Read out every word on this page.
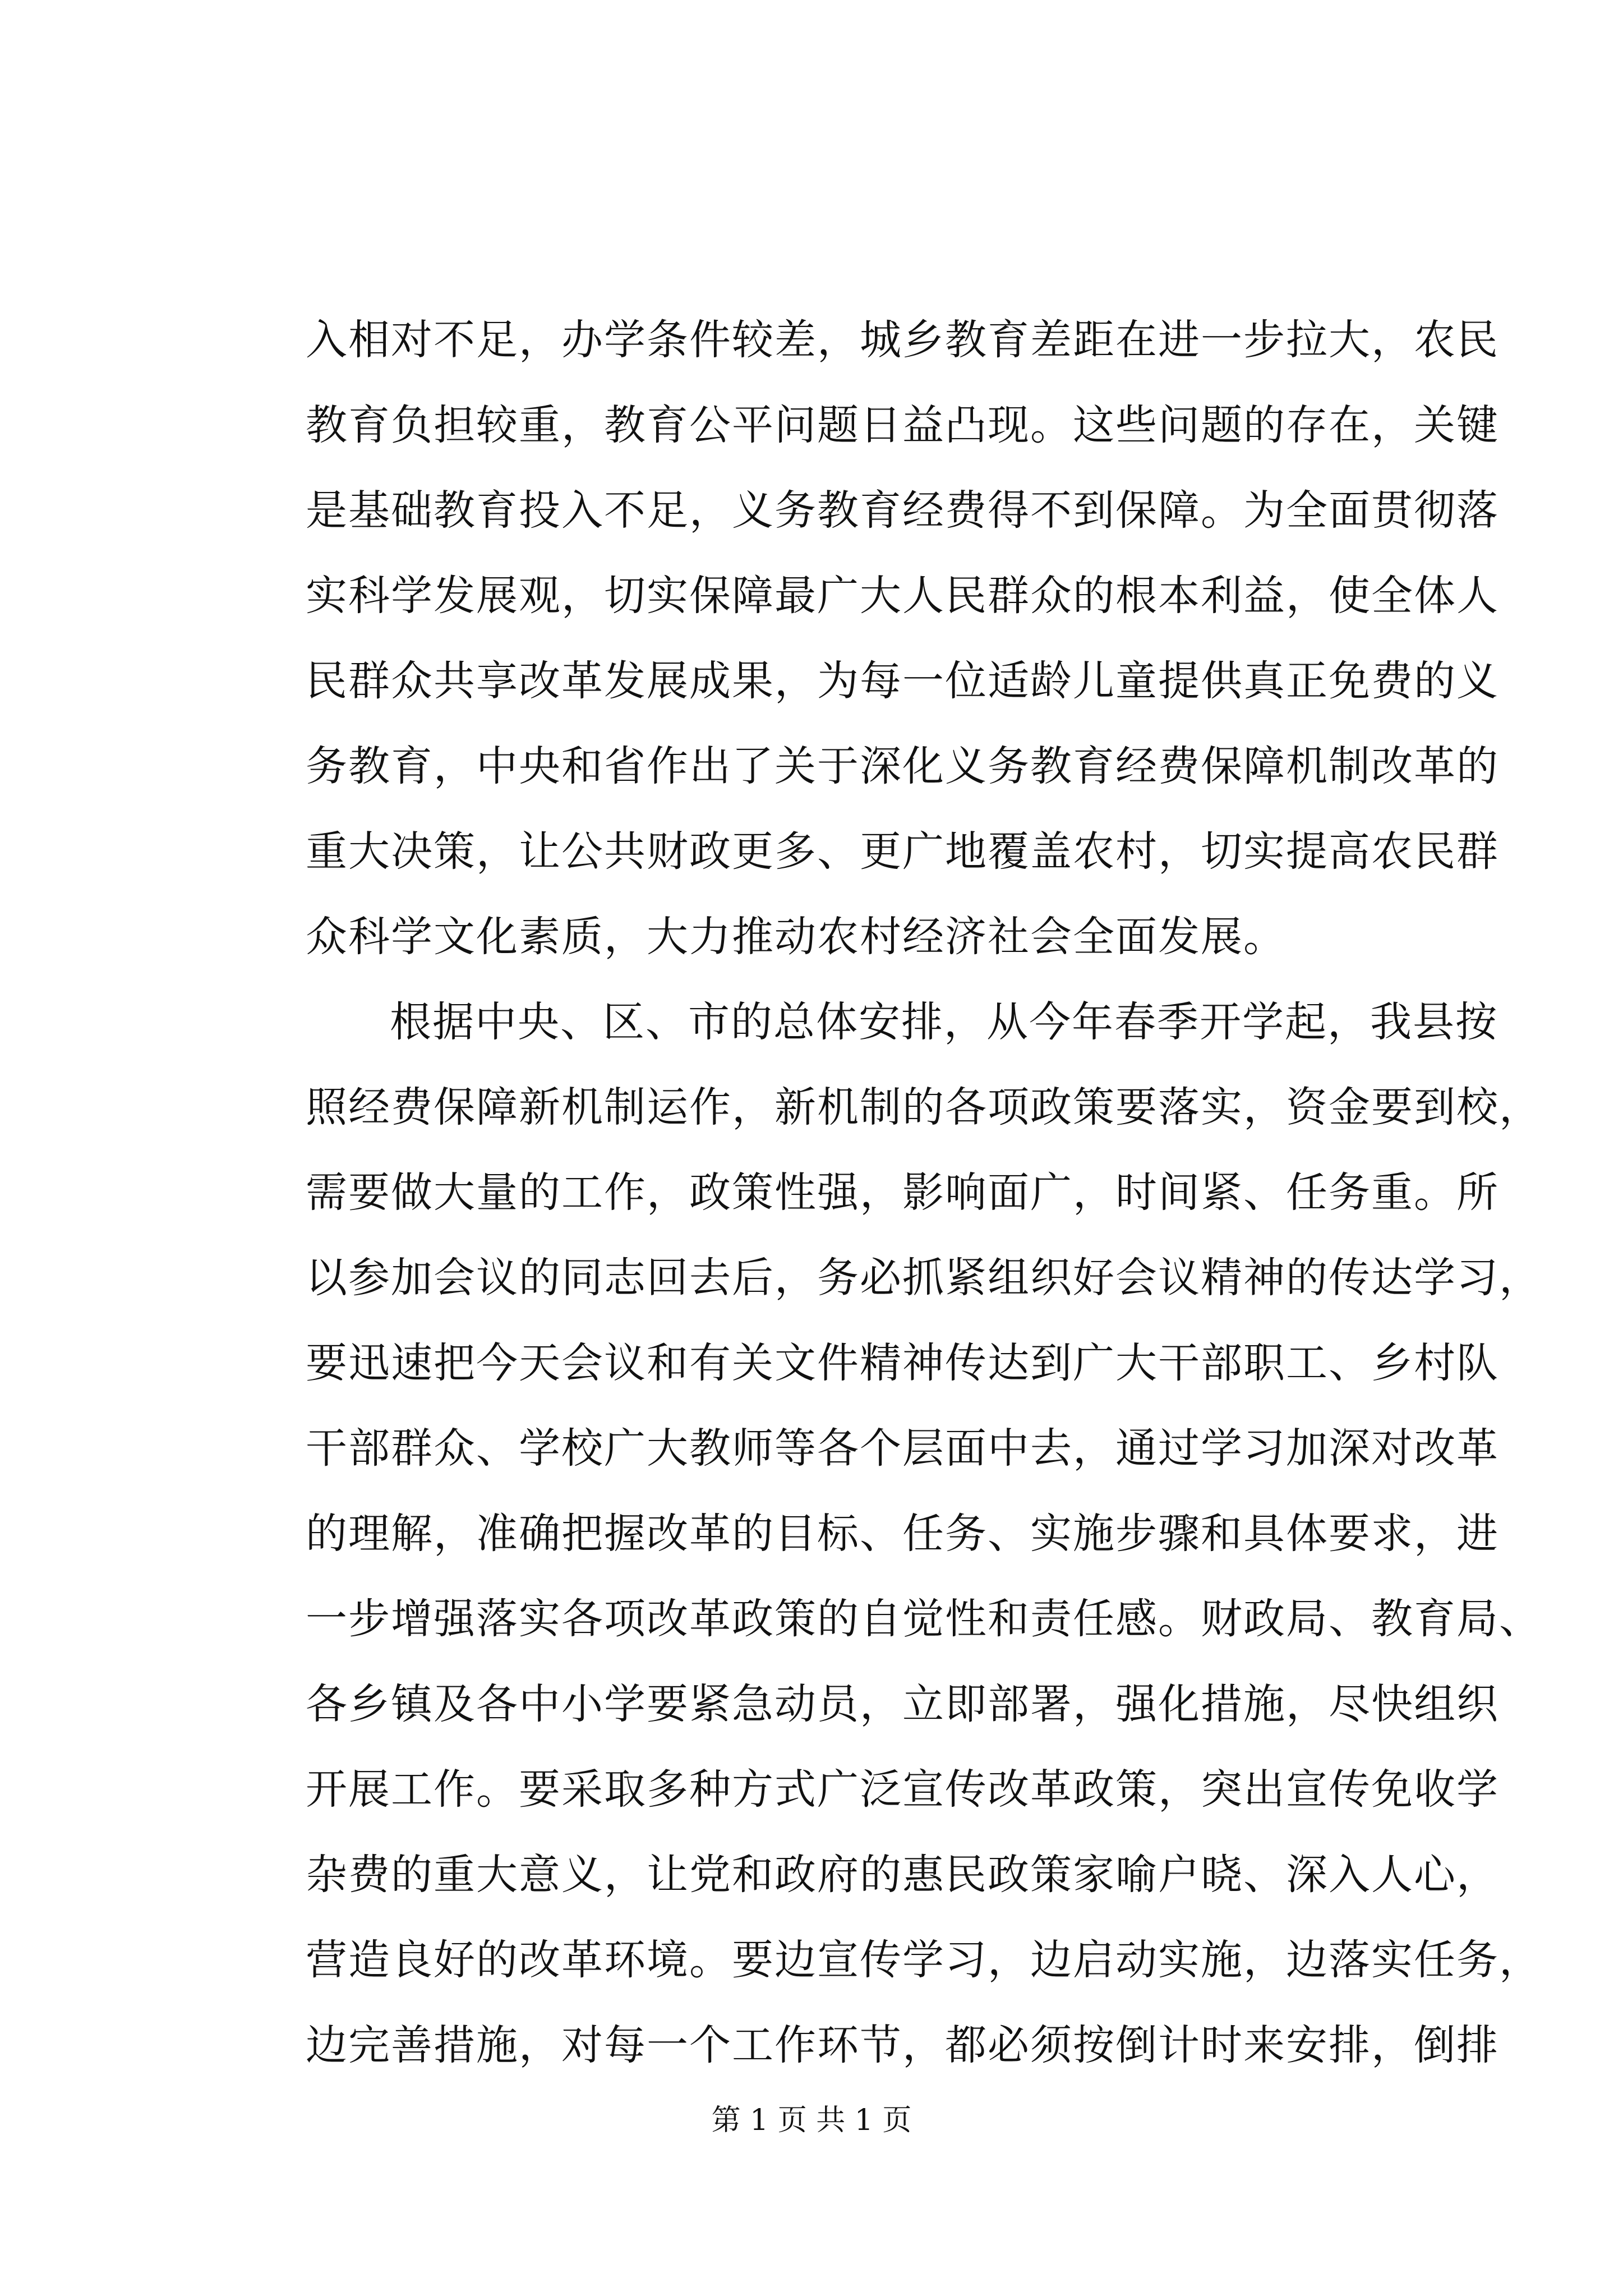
入相对不足，办学条件较差，城乡教育差距在进一步拉大，农民
教育负担较重，教育公平问题日益凸现。这些问题的存在，关键
是基础教育投入不足，义务教育经费得不到保障。为全面贯彻落
实科学发展观，切实保障最广大人民群众的根本利益，使全体人
民群众共享改革发展成果，为每一位适龄儿童提供真正免费的义
务教育，中央和省作出了关于深化义务教育经费保障机制改革的
重大决策，让公共财政更多、更广地覆盖农村，切实提高农民群
众科学文化素质，大力推动农村经济社会全面发展。
根据中央、区、市的总体安排，从今年春季开学起，我县按
照经费保障新机制运作，新机制的各项政策要落实，资金要到校，
需要做大量的工作，政策性强，影响面广，时间紧、任务重。所
以参加会议的同志回去后，务必抓紧组织好会议精神的传达学习，
要迅速把今天会议和有关文件精神传达到广大干部职工、乡村队
干部群众、学校广大教师等各个层面中去，通过学习加深对改革
的理解，准确把握改革的目标、任务、实施步骤和具体要求，进
一步增强落实各项改革政策的自觉性和责任感。财政局、教育局、
各乡镇及各中小学要紧急动员，立即部署，强化措施，尽快组织
开展工作。要采取多种方式广泛宣传改革政策，突出宣传免收学
杂费的重大意义，让党和政府的惠民政策家喻户晓、深入人心，
营造良好的改革环境。要边宣传学习，边启动实施，边落实任务，
边完善措施，对每一个工作环节，都必须按倒计时来安排，倒排
第 1 页 共 1 页
